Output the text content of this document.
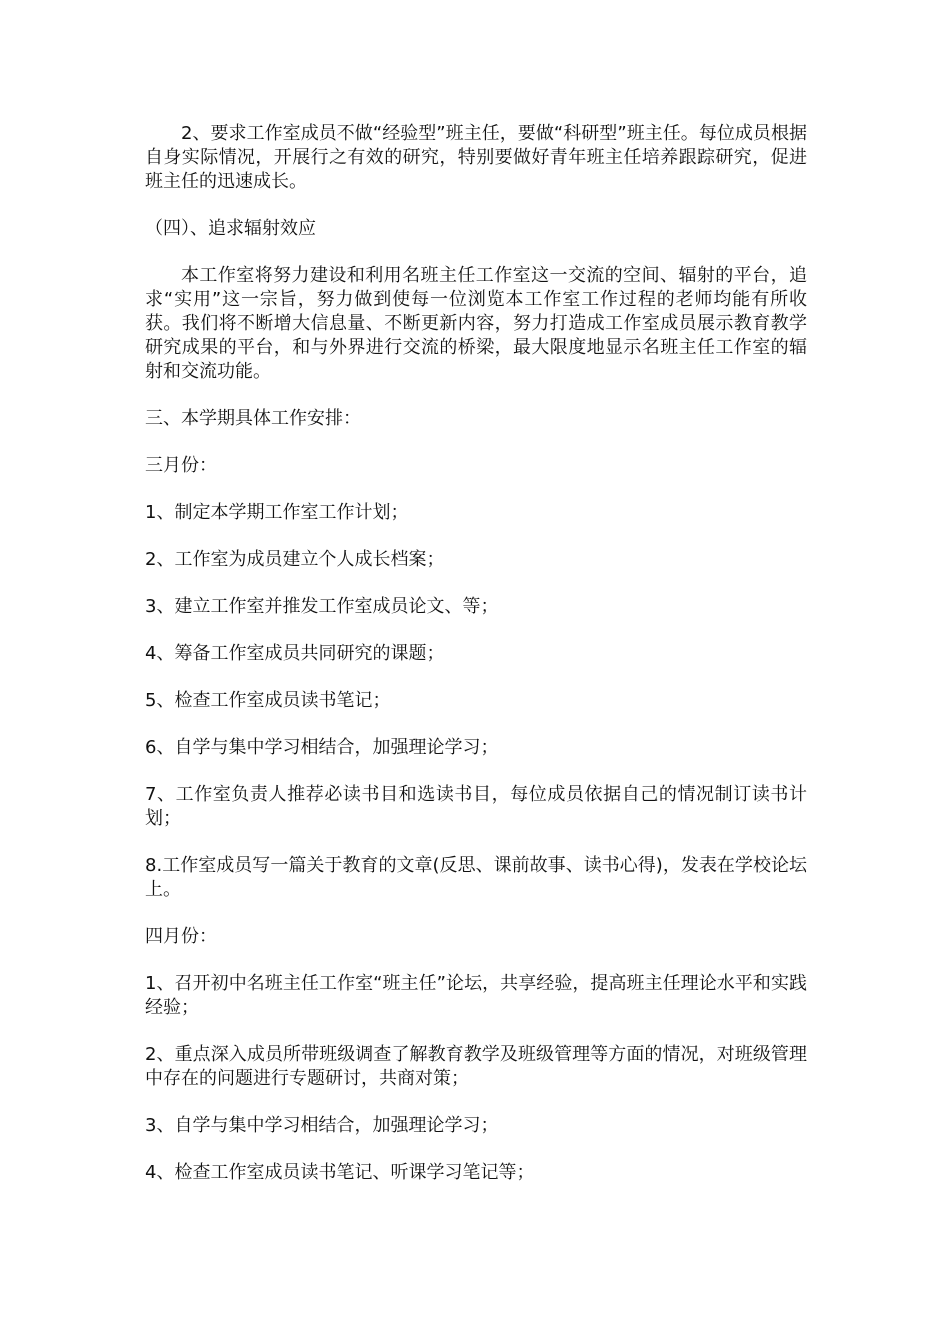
2、要求工作室成员不做“经验型”班主任，要做“科研型”班主任。每位成员根据自身实际情况，开展行之有效的研究，特别要做好青年班主任培养跟踪研究，促进班主任的迅速成长。

（四）、追求辐射效应

本工作室将努力建设和利用名班主任工作室这一交流的空间、辐射的平台，追求“实用”这一宗旨，努力做到使每一位浏览本工作室工作过程的老师均能有所收获。我们将不断增大信息量、不断更新内容，努力打造成工作室成员展示教育教学研究成果的平台，和与外界进行交流的桥梁，最大限度地显示名班主任工作室的辐射和交流功能。

三、本学期具体工作安排：

三月份：

1、制定本学期工作室工作计划；

2、工作室为成员建立个人成长档案；

3、建立工作室并推发工作室成员论文、等；

4、筹备工作室成员共同研究的课题；

5、检查工作室成员读书笔记；

6、自学与集中学习相结合，加强理论学习；

7、工作室负责人推荐必读书目和选读书目，每位成员依据自己的情况制订读书计划；

8.工作室成员写一篇关于教育的文章(反思、课前故事、读书心得)，发表在学校论坛上。

四月份：

1、召开初中名班主任工作室“班主任”论坛，共享经验，提高班主任理论水平和实践经验；

2、重点深入成员所带班级调查了解教育教学及班级管理等方面的情况，对班级管理中存在的问题进行专题研讨，共商对策；

3、自学与集中学习相结合，加强理论学习；

4、检查工作室成员读书笔记、听课学习笔记等；
